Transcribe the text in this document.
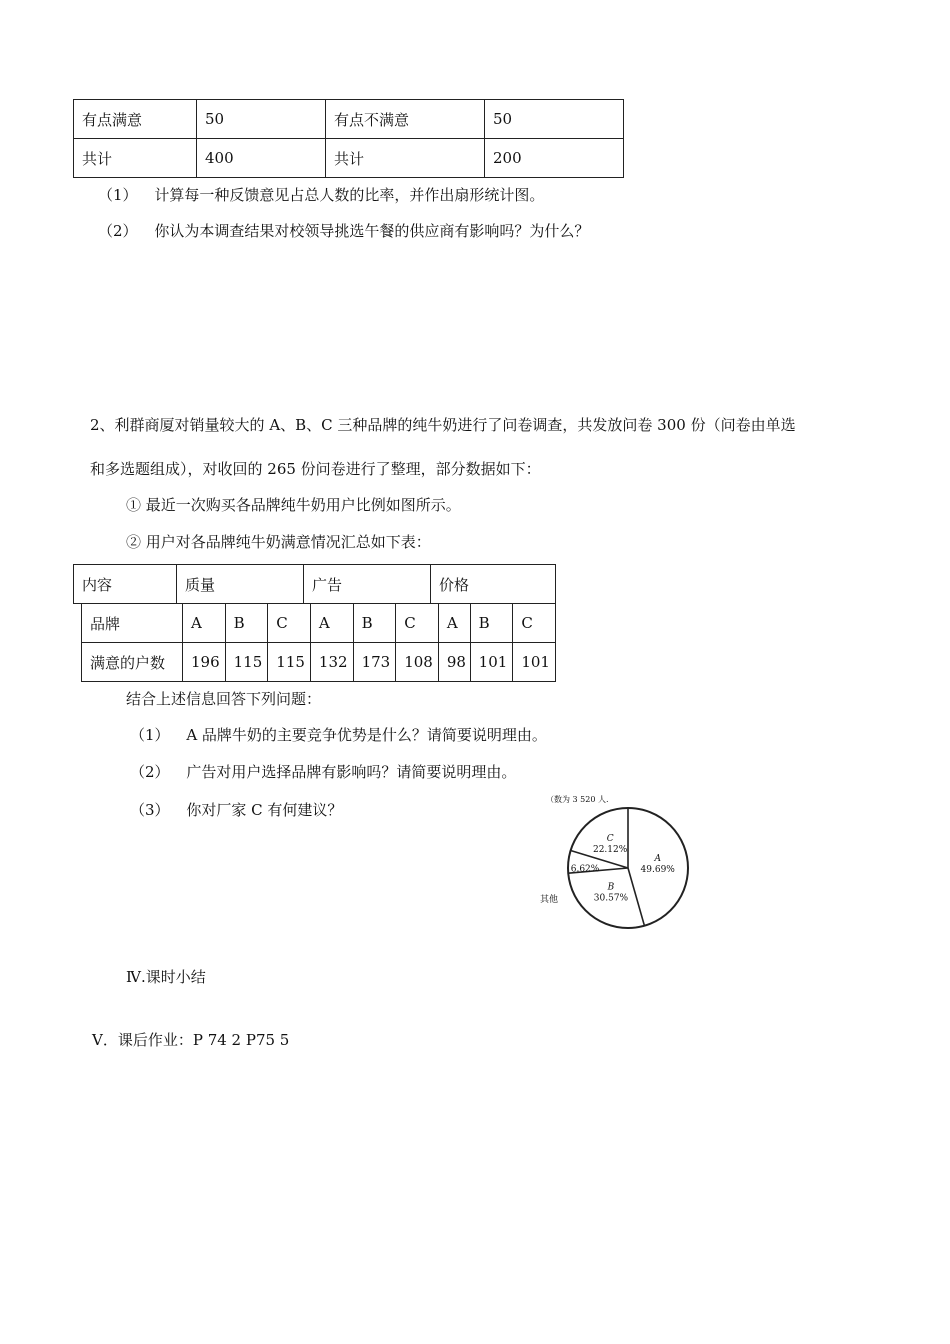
有点满意	50	有点不满意	50
共计	400	共计	200
（1） 计算每一种反馈意见占总人数的比率，并作出扇形统计图。
（2） 你认为本调查结果对校领导挑选午餐的供应商有影响吗？为什么？
2、利群商厦对销量较大的 A、B、C 三种品牌的纯牛奶进行了问卷调查，共发放问卷 300 份（问卷由单选
和多选题组成），对收回的 265 份问卷进行了整理，部分数据如下：
① 最近一次购买各品牌纯牛奶用户比例如图所示。
② 用户对各品牌纯牛奶满意情况汇总如下表：
内容	质量	广告	价格
品牌	A	B	C	A	B	C	A	B	C
满意的户数	196	115	115	132	173	108	98	101	101
结合上述信息回答下列问题：
（1） A 品牌牛奶的主要竞争优势是什么？请简要说明理由。
（2） 广告对用户选择品牌有影响吗？请简要说明理由。
（3） 你对厂家 C 有何建议？
（数为 3 520 人.
其他
A
49.69%
B
30.57%
6.62%
C
22.12%
Ⅳ.课时小结
Ⅴ．课后作业：P 74 2 P75 5
